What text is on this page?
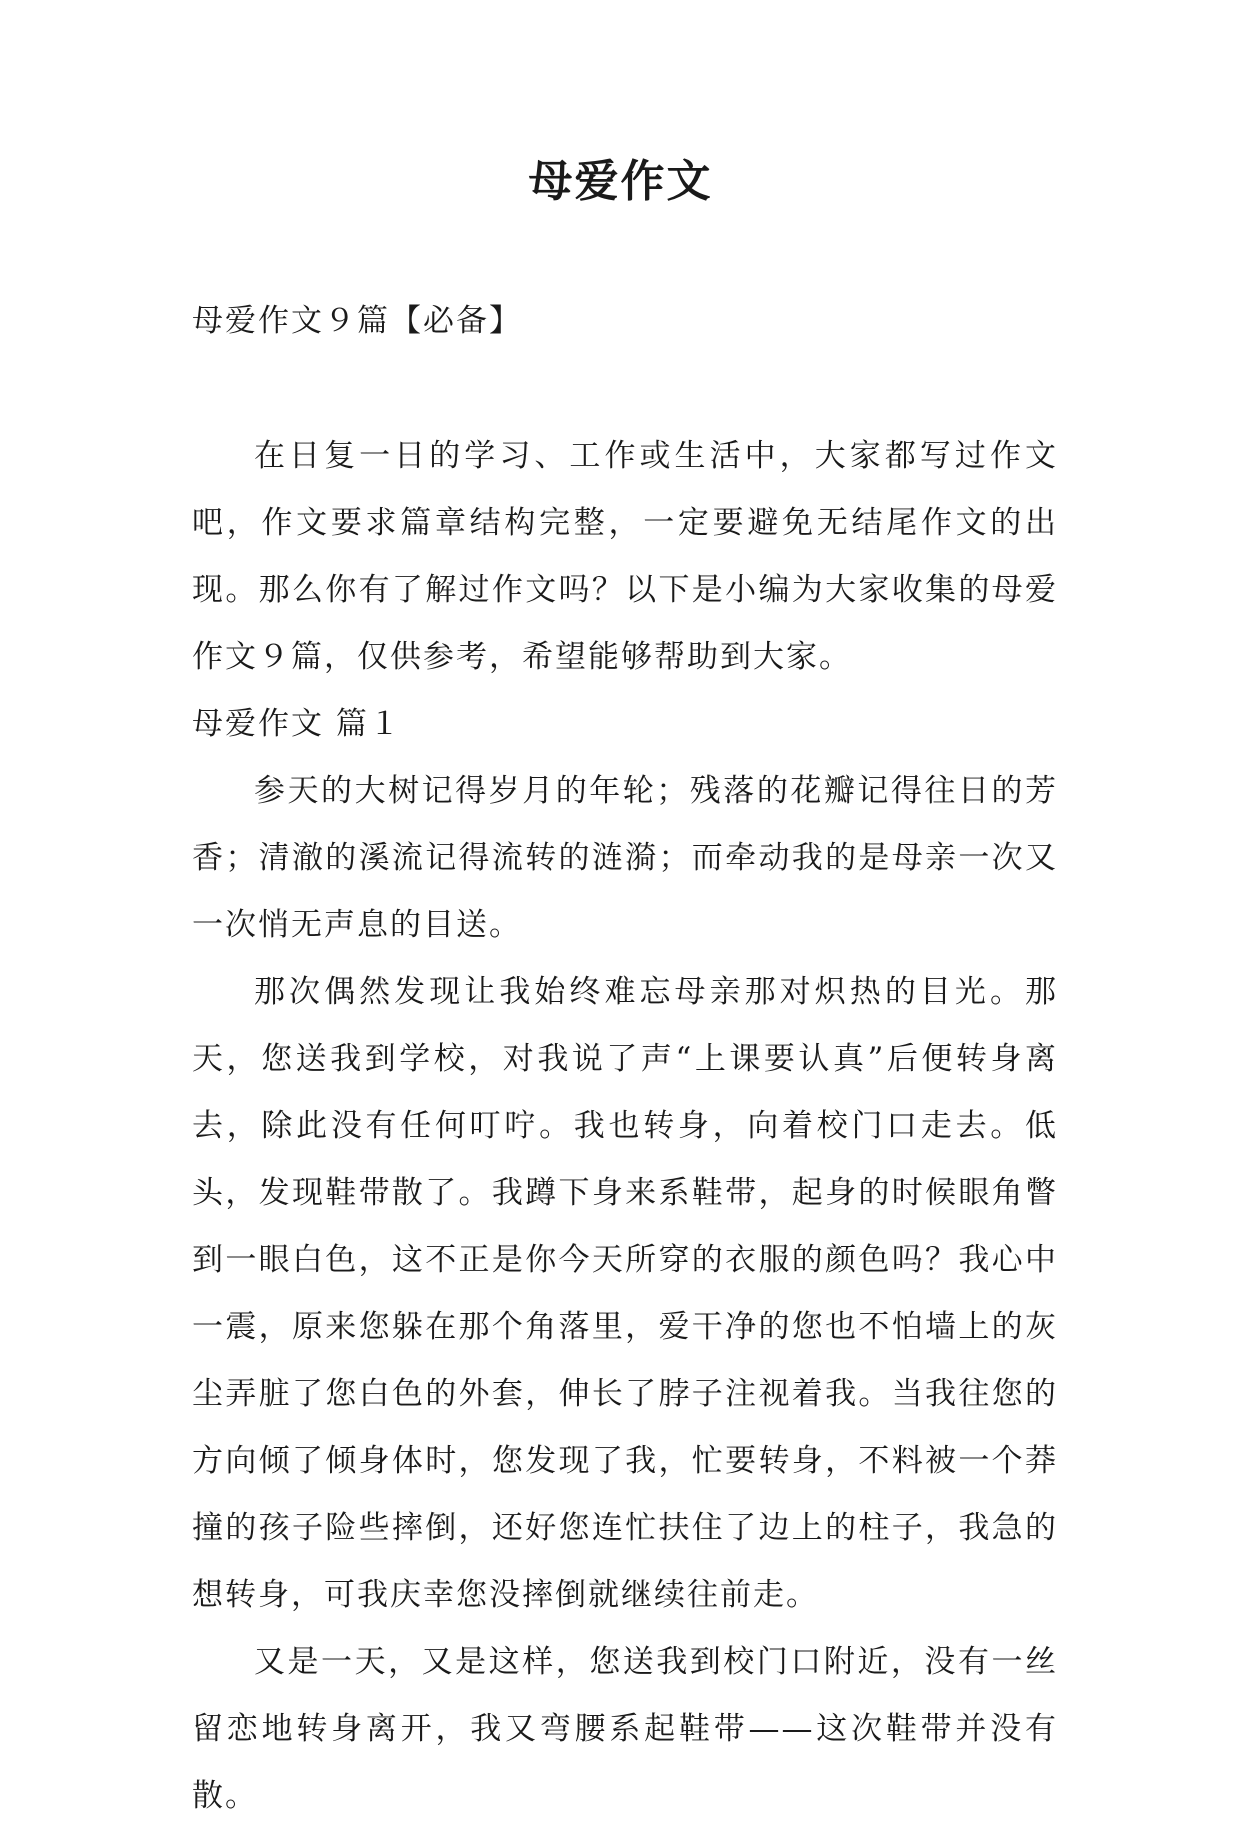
母爱作文

母爱作文９篇【必备】

在日复一日的学习、工作或生活中，大家都写过作文吧，作文要求篇章结构完整，一定要避免无结尾作文的出现。那么你有了解过作文吗？以下是小编为大家收集的母爱作文９篇，仅供参考，希望能够帮助到大家。

母爱作文 篇１

参天的大树记得岁月的年轮；残落的花瓣记得往日的芳香；清澈的溪流记得流转的涟漪；而牵动我的是母亲一次又一次悄无声息的目送。

那次偶然发现让我始终难忘母亲那对炽热的目光。那天，您送我到学校，对我说了声“上课要认真”后便转身离去，除此没有任何叮咛。我也转身，向着校门口走去。低头，发现鞋带散了。我蹲下身来系鞋带，起身的时候眼角瞥到一眼白色，这不正是你今天所穿的衣服的颜色吗？我心中一震，原来您躲在那个角落里，爱干净的您也不怕墙上的灰尘弄脏了您白色的外套，伸长了脖子注视着我。当我往您的方向倾了倾身体时，您发现了我，忙要转身，不料被一个莽撞的孩子险些摔倒，还好您连忙扶住了边上的柱子，我急的想转身，可我庆幸您没摔倒就继续往前走。

又是一天，又是这样，您送我到校门口附近，没有一丝留恋地转身离开，我又弯腰系起鞋带——这次鞋带并没有散。
